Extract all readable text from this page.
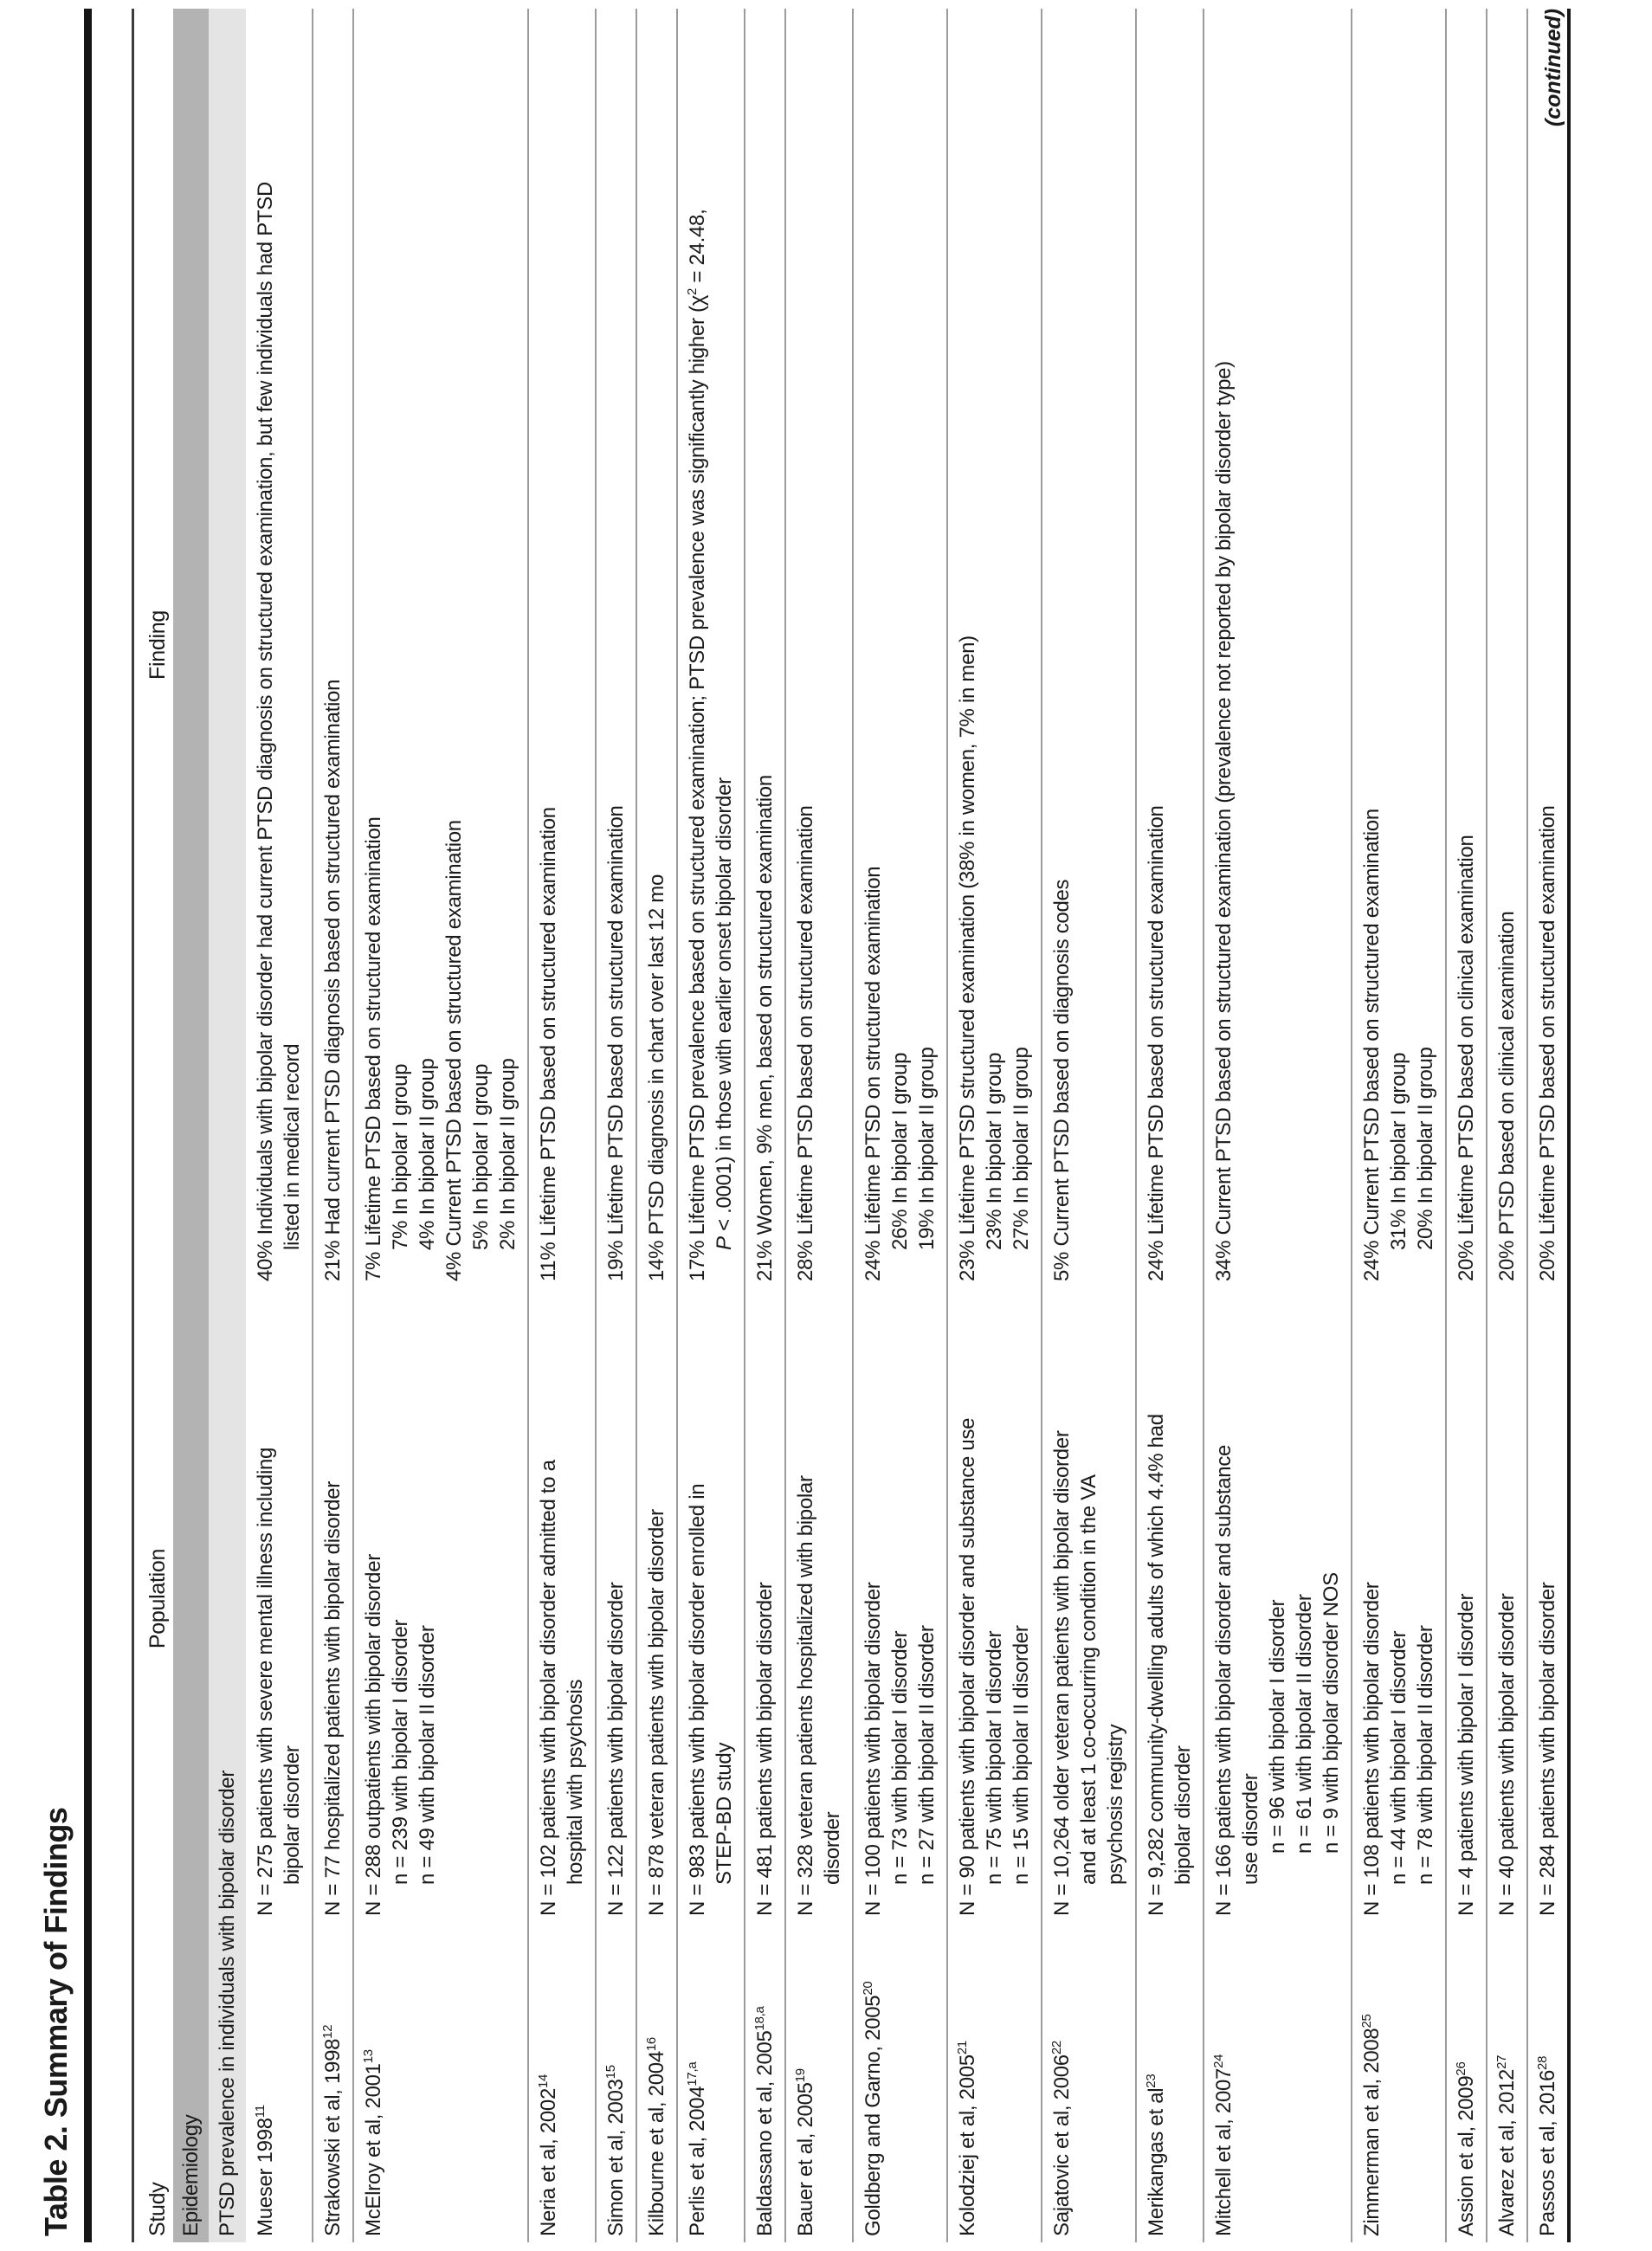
Table 2. Summary of Findings	Study
Population
Finding
Epidemiology PTSD prevalence in individuals with bipolar disorder Mueser 1998$^{11}$
N = 275 patients with severe mental illness including bipolar disorder
40% Individuals with bipolar disorder had current PTSD diagnosis on structured examination, but few individuals had PTSD listed in medical record
Strakowski et al, 1998$^{12}$
N = 77 hospitalized patients with bipolar disorder
21% Had current PTSD diagnosis based on structured examination
McElroy et al, 2001$^{13}$
N = 288 outpatients with bipolar disorder n = 239 with bipolar I disorder n = 49 with bipolar II disorder
7% Lifetime PTSD based on structured examination 7% In bipolar I group 4% In bipolar II group 4% Current PTSD based on structured examination 5% In bipolar I group 2% In bipolar II group
Neria et al, 2002$^{14}$
N = 102 patients with bipolar disorder admitted to a hospital with psychosis
11% Lifetime PTSD based on structured examination
Simon et al, 2003$^{15}$
N = 122 patients with bipolar disorder
19% Lifetime PTSD based on structured examination
Kilbourne et al, 2004$^{16}$
N = 878 veteran patients with bipolar disorder
14% PTSD diagnosis in chart over last 12 mo
Perlis et al, 2004$^{17,a}$
N = 983 patients with bipolar disorder enrolled in STEP-BD study
17% Lifetime PTSD prevalence based on structured examination; PTSD prevalence was significantly higher ($\chi^2 = 24.48$,
P < .0001) in those with earlier onset bipolar disorder
Baldassano et al, 2005$^{18,a}$
N = 481 patients with bipolar disorder
21% Women, 9% men, based on structured examination
Bauer et al, 2005$^{19}$
N = 328 veteran patients hospitalized with bipolar disorder
28% Lifetime PTSD based on structured examination
Goldberg and Garno, 2005$^{20}$
N = 100 patients with bipolar disorder n = 73 with bipolar I disorder n = 27 with bipolar II disorder
24% Lifetime PTSD on structured examination 26% In bipolar I group 19% In bipolar II group
Kolodziej et al, 2005$^{21}$
N = 90 patients with bipolar disorder and substance use n = 75 with bipolar I disorder n = 15 with bipolar II disorder
23% Lifetime PTSD structured examination (38% in women, 7% in men) 23% In bipolar I group 27% In bipolar II group
Sajatovic et al, 2006$^{22}$
N = 10,264 older veteran patients with bipolar disorder and at least 1 co-occurring condition in the VA psychosis registry
5% Current PTSD based on diagnosis codes
Merikangas et $al^{23}$
N = 9,282 community-dwelling adults of which 4.4% had bipolar disorder
24% Lifetime PTSD based on structured examination
Mitchell et al, 2007$^{24}$
N = 166 patients with bipolar disorder and substance use disorder n = 96 with bipolar I disorder n = 61 with bipolar II disorder n = 9 with bipolar disorder NOS
34% Current PTSD based on structured examination (prevalence not reported by bipolar disorder type)
Zimmerman et al, 2008$^{25}$
N = 108 patients with bipolar disorder n = 44 with bipolar I disorder n = 78 with bipolar II disorder
24% Current PTSD based on structured examination 31% In bipolar I group 20% In bipolar II group
Assion et al, 2009$^{26}$
N = 4 patients with bipolar I disorder
20% Lifetime PTSD based on clinical examination
Alvarez et al, 2012$^{27}$
N = 40 patients with bipolar disorder
20% PTSD based on clinical examination
Passos et al, 2016$^{28}$
N = 284 patients with bipolar disorder
20% Lifetime PTSD based on structured examination
(continued)
